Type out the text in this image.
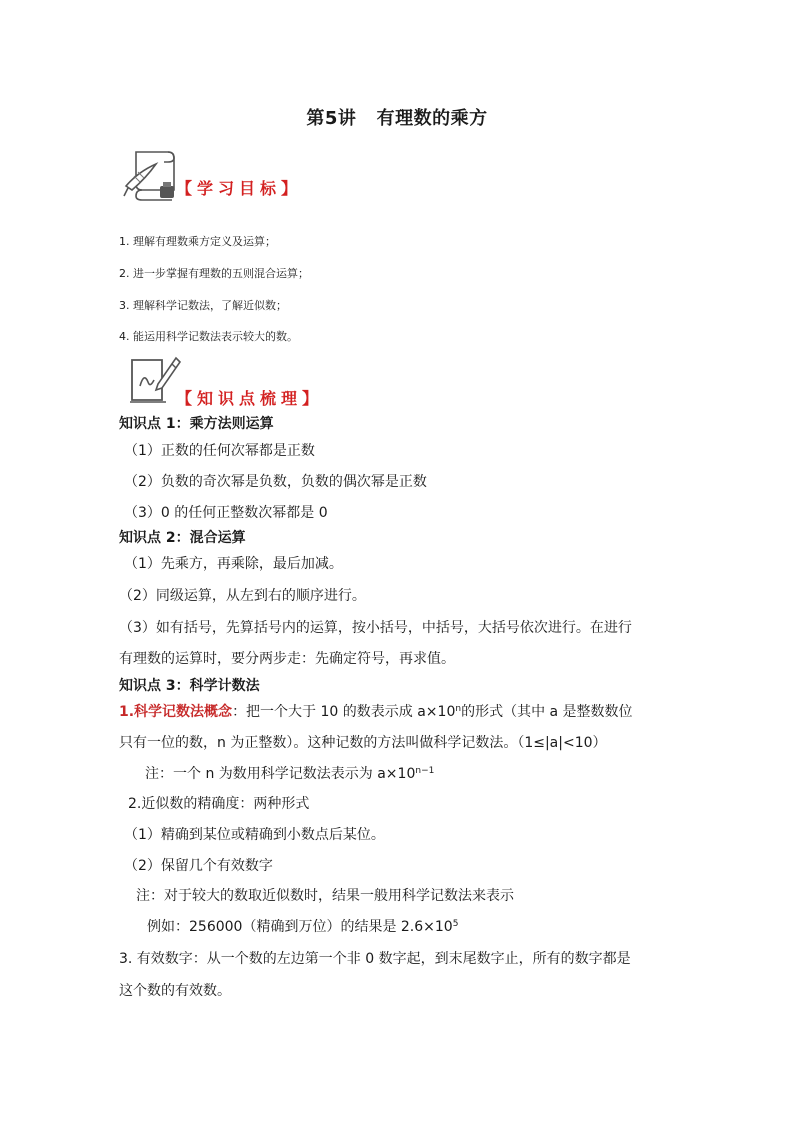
第5讲   有理数的乘方
【学习目标】
1. 理解有理数乘方定义及运算；
2. 进一步掌握有理数的五则混合运算；
3. 理解科学记数法，了解近似数；
4. 能运用科学记数法表示较大的数。
【知识点梳理】
知识点 1：乘方法则运算
（1）正数的任何次幂都是正数
（2）负数的奇次幂是负数，负数的偶次幂是正数
（3）0 的任何正整数次幂都是 0
知识点 2：混合运算
（1）先乘方，再乘除，最后加减。
（2）同级运算，从左到右的顺序进行。
（3）如有括号，先算括号内的运算，按小括号，中括号，大括号依次进行。在进行
有理数的运算时，要分两步走：先确定符号，再求值。
知识点 3：科学计数法
1.科学记数法概念：把一个大于 10 的数表示成 $a\times 10^n$的形式（其中 a 是整数数位
只有一位的数，n 为正整数）。这种记数的方法叫做科学记数法。（1≤|a|<10）
注：一个 n 为数用科学记数法表示为 $a\times 10^{n-1}$
2.近似数的精确度：两种形式
（1）精确到某位或精确到小数点后某位。
（2）保留几个有效数字
注：对于较大的数取近似数时，结果一般用科学记数法来表示
例如：256000（精确到万位）的结果是 $2.6\times 10^5$
3. 有效数字：从一个数的左边第一个非 0 数字起，到末尾数字止，所有的数字都是
这个数的有效数。
